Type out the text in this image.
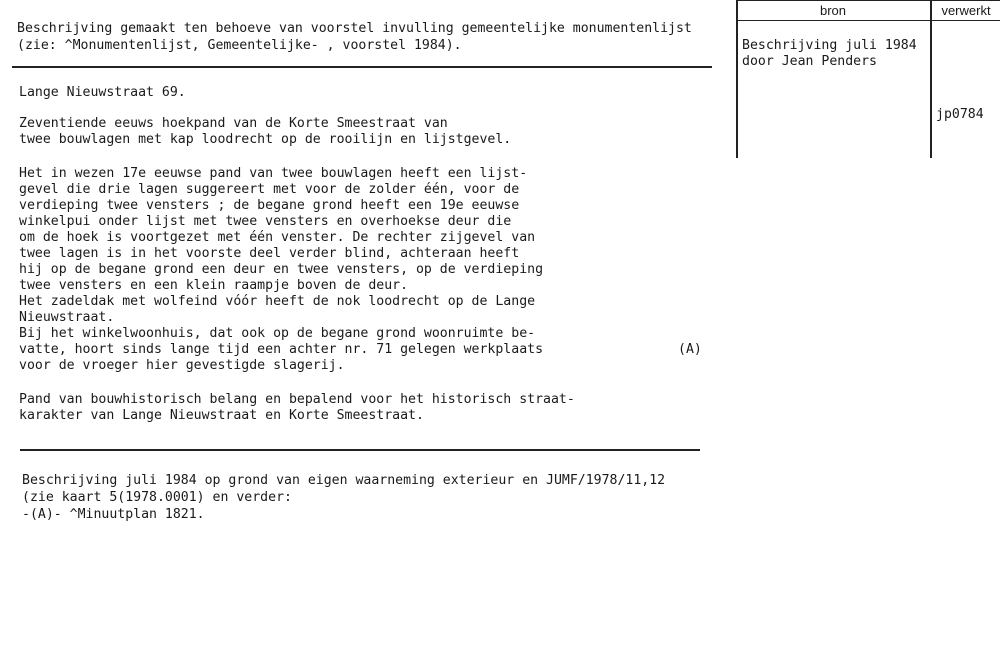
Beschrijving gemaakt ten behoeve van voorstel invulling gemeentelijke monumentenlijst
(zie: ^Monumentenlijst, Gemeentelijke- , voorstel 1984).
bron	verwerkt
Beschrijving juli 1984
door Jean Penders
jp0784
Lange Nieuwstraat 69.
Zeventiende eeuws hoekpand van de Korte Smeestraat van
twee bouwlagen met kap loodrecht op de rooilijn en lijstgevel.
Het in wezen 17e eeuwse pand van twee bouwlagen heeft een lijst-
gevel die drie lagen suggereert met voor de zolder één, voor de
verdieping twee vensters ; de begane grond heeft een 19e eeuwse
winkelpui onder lijst met twee vensters en overhoekse deur die
om de hoek is voortgezet met één venster. De rechter zijgevel van
twee lagen is in het voorste deel verder blind, achteraan heeft
hij op de begane grond een deur en twee vensters, op de verdieping
twee vensters en een klein raampje boven de deur.
Het zadeldak met wolfeind vóór heeft de nok loodrecht op de Lange
Nieuwstraat.
Bij het winkelwoonhuis, dat ook op de begane grond woonruimte be-
vatte, hoort sinds lange tijd een achter nr. 71 gelegen werkplaats
voor de vroeger hier gevestigde slagerij.
(A)
Pand van bouwhistorisch belang en bepalend voor het historisch straat-
karakter van Lange Nieuwstraat en Korte Smeestraat.
Beschrijving juli 1984 op grond van eigen waarneming exterieur en JUMF/1978/11,12
(zie kaart 5(1978.0001) en verder:
-(A)- ^Minuutplan 1821.
